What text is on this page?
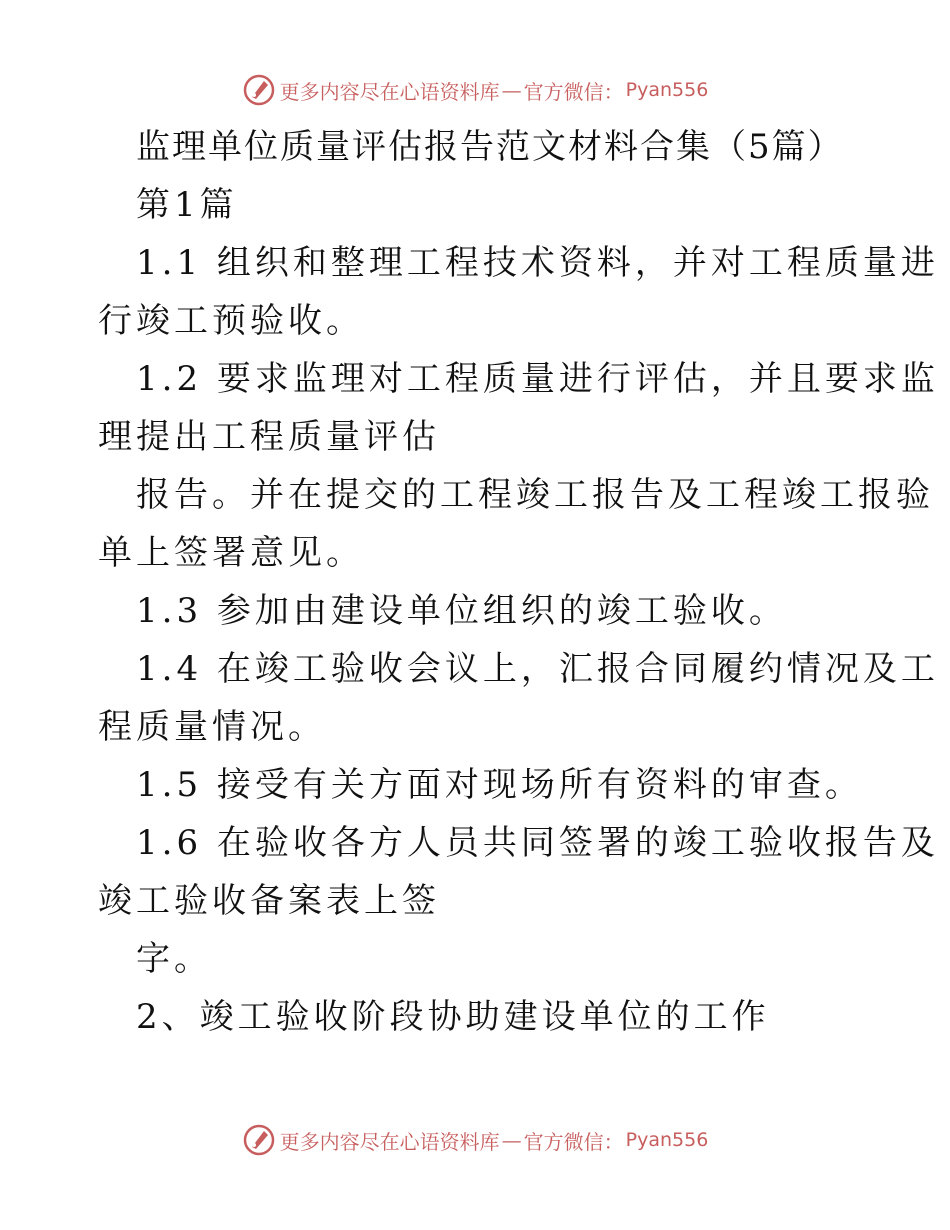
更多内容尽在心语资料库 — 官方微信： Pyan556
监理单位质量评估报告范文材料合集（5篇）
第1篇
1.1 组织和整理工程技术资料，并对工程质量进
行竣工预验收。
1.2 要求监理对工程质量进行评估，并且要求监
理提出工程质量评估
报告。并在提交的工程竣工报告及工程竣工报验
单上签署意见。
1.3 参加由建设单位组织的竣工验收。
1.4 在竣工验收会议上，汇报合同履约情况及工
程质量情况。
1.5 接受有关方面对现场所有资料的审查。
1.6 在验收各方人员共同签署的竣工验收报告及
竣工验收备案表上签
字。
2、竣工验收阶段协助建设单位的工作
更多内容尽在心语资料库 — 官方微信： Pyan556
